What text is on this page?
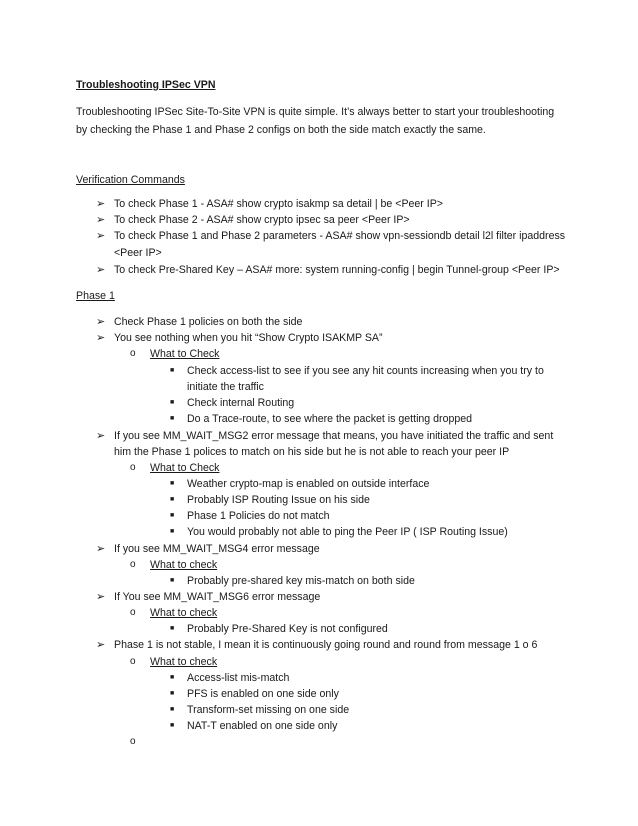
Troubleshooting IPSec VPN
Troubleshooting IPSec Site-To-Site VPN is quite simple. It’s always better to start your troubleshooting
by checking the Phase 1 and Phase 2 configs on both the side match exactly the same.
Verification Commands
➢ To check Phase 1 - ASA# show crypto isakmp sa detail | be <Peer IP>
➢ To check Phase 2 - ASA# show crypto ipsec sa peer <Peer IP>
➢ To check Phase 1 and Phase 2 parameters - ASA# show vpn-sessiondb detail l2l filter ipaddress
<Peer IP>
➢ To check Pre-Shared Key – ASA# more: system running-config | begin Tunnel-group <Peer IP>
Phase 1
➢ Check Phase 1 policies on both the side
➢ You see nothing when you hit “Show Crypto ISAKMP SA”
o What to Check
■ Check access-list to see if you see any hit counts increasing when you try to
initiate the traffic
■ Check internal Routing
■ Do a Trace-route, to see where the packet is getting dropped
➢ If you see MM_WAIT_MSG2 error message that means, you have initiated the traffic and sent
him the Phase 1 polices to match on his side but he is not able to reach your peer IP
o What to Check
■ Weather crypto-map is enabled on outside interface
■ Probably ISP Routing Issue on his side
■ Phase 1 Policies do not match
■ You would probably not able to ping the Peer IP ( ISP Routing Issue)
➢ If you see MM_WAIT_MSG4 error message
o What to check
■ Probably pre-shared key mis-match on both side
➢ If You see MM_WAIT_MSG6 error message
o What to check
■ Probably Pre-Shared Key is not configured
➢ Phase 1 is not stable, I mean it is continuously going round and round from message 1 o 6
o What to check
■ Access-list mis-match
■ PFS is enabled on one side only
■ Transform-set missing on one side
■ NAT-T enabled on one side only
o
